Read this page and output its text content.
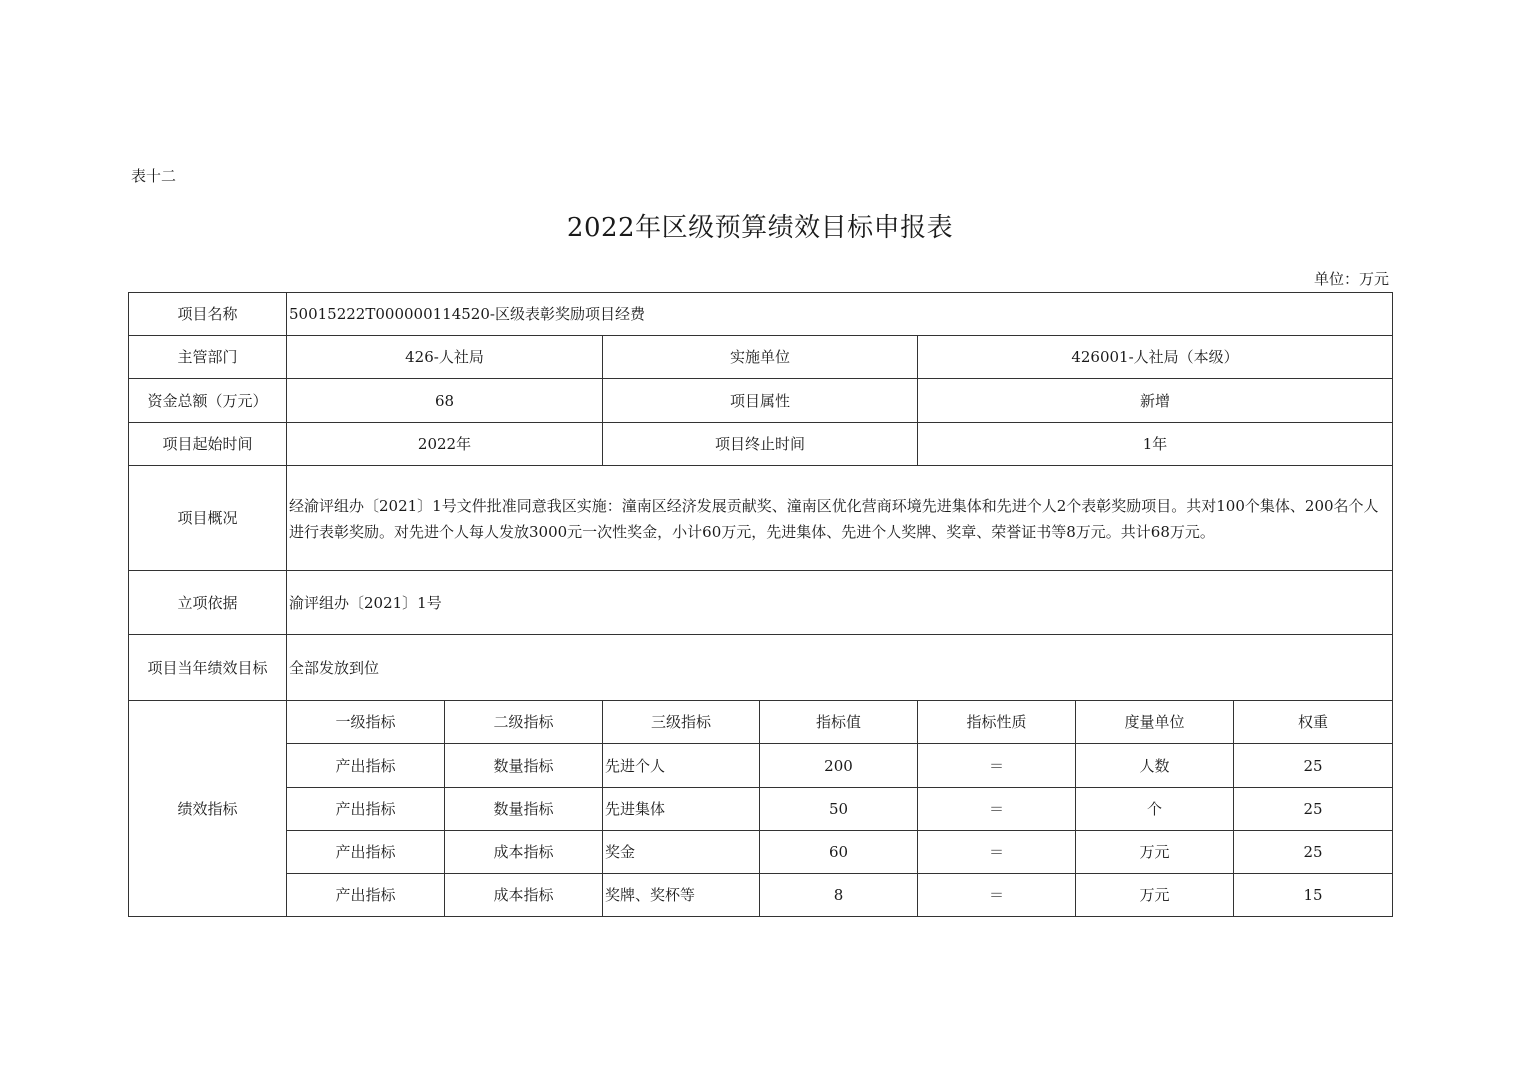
表十二
2022年区级预算绩效目标申报表
单位：万元
项目名称	50015222T000000114520-区级表彰奖励项目经费						
主管部门	426-人社局		实施单位		426001-人社局（本级）		
资金总额（万元）	68		项目属性		新增		
项目起始时间	2022年		项目终止时间		1年		
项目概况	经渝评组办〔2021〕1号文件批准同意我区实施：潼南区经济发展贡献奖、潼南区优化营商环境先进集体和先进个人2个表彰奖励项目。共对100个集体、200名个人进行表彰奖励。对先进个人每人发放3000元一次性奖金，小计60万元，先进集体、先进个人奖牌、奖章、荣誉证书等8万元。共计68万元。						
立项依据	渝评组办〔2021〕1号						
项目当年绩效目标	全部发放到位						
绩效指标	一级指标	二级指标	三级指标	指标值	指标性质	度量单位	权重
	产出指标	数量指标	先进个人	200	＝	人数	25
	产出指标	数量指标	先进集体	50	＝	个	25
	产出指标	成本指标	奖金	60	＝	万元	25
	产出指标	成本指标	奖牌、奖杯等	8	＝	万元	15
